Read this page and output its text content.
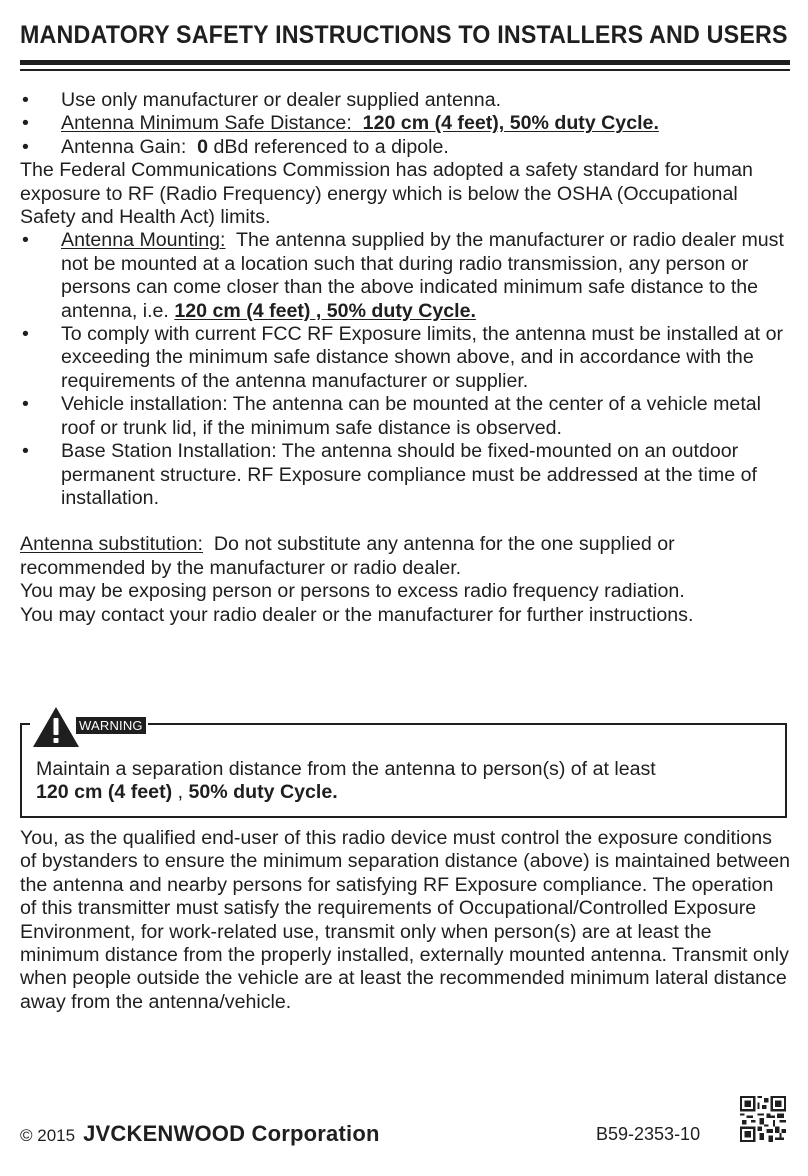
MANDATORY SAFETY INSTRUCTIONS TO INSTALLERS AND USERS
• Use only manufacturer or dealer supplied antenna.
• Antenna Minimum Safe Distance: 120 cm (4 feet), 50% duty Cycle.
• Antenna Gain: 0 dBd referenced to a dipole.

The Federal Communications Commission has adopted a safety standard for human exposure to RF (Radio Frequency) energy which is below the OSHA (Occupational Safety and Health Act) limits.

• Antenna Mounting: The antenna supplied by the manufacturer or radio dealer must not be mounted at a location such that during radio transmission, any person or persons can come closer than the above indicated minimum safe distance to the antenna, i.e. 120 cm (4 feet) , 50% duty Cycle.
• To comply with current FCC RF Exposure limits, the antenna must be installed at or exceeding the minimum safe distance shown above, and in accordance with the requirements of the antenna manufacturer or supplier.
• Vehicle installation: The antenna can be mounted at the center of a vehicle metal roof or trunk lid, if the minimum safe distance is observed.
• Base Station Installation: The antenna should be fixed-mounted on an outdoor permanent structure. RF Exposure compliance must be addressed at the time of installation.

Antenna substitution: Do not substitute any antenna for the one supplied or recommended by the manufacturer or radio dealer.

You may be exposing person or persons to excess radio frequency radiation.

You may contact your radio dealer or the manufacturer for further instructions.

WARNING
Maintain a separation distance from the antenna to person(s) of at least
120 cm (4 feet) , 50% duty Cycle.

You, as the qualified end-user of this radio device must control the exposure conditions of bystanders to ensure the minimum separation distance (above) is maintained between the antenna and nearby persons for satisfying RF Exposure compliance. The operation of this transmitter must satisfy the requirements of Occupational/Controlled Exposure Environment, for work-related use, transmit only when person(s) are at least the minimum distance from the properly installed, externally mounted antenna. Transmit only when people outside the vehicle are at least the recommended minimum lateral distance away from the antenna/vehicle.

© 2015 JVCKENWOOD Corporation	B59-2353-10
